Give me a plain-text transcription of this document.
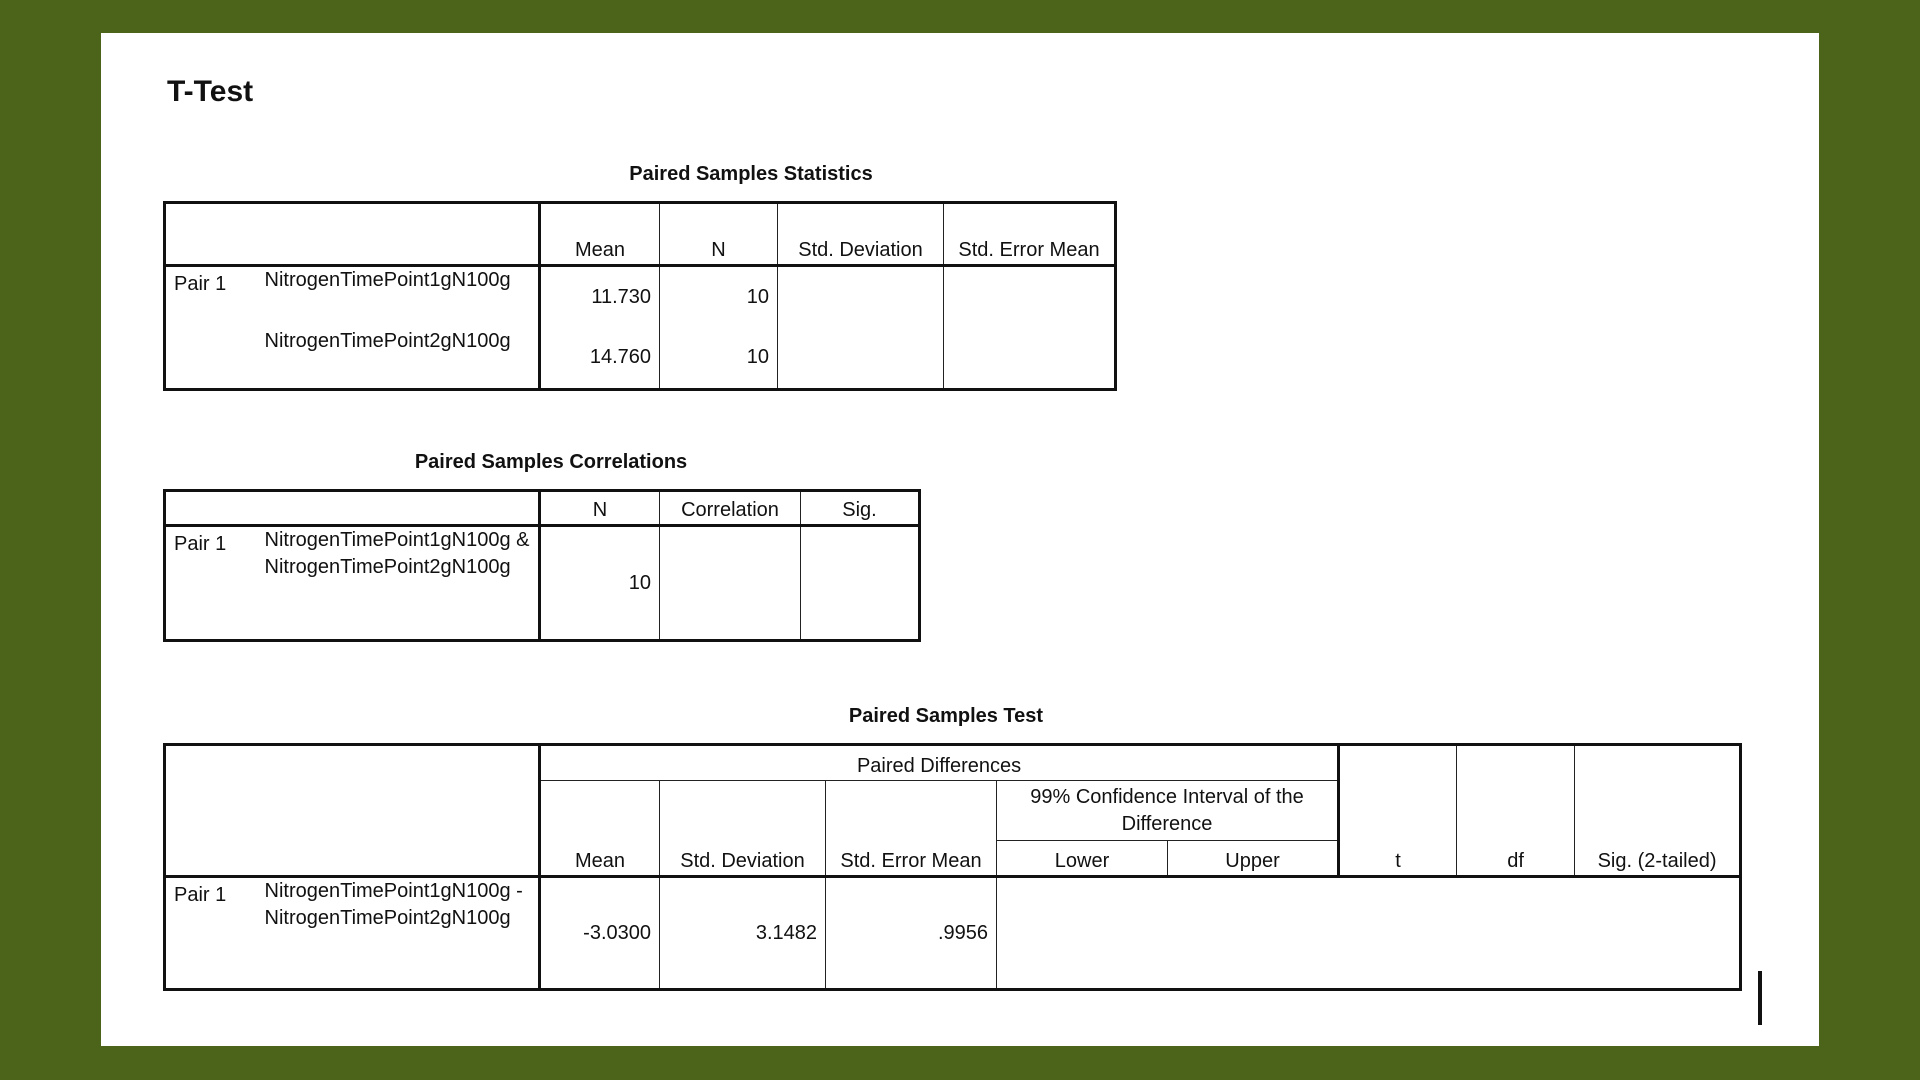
T-Test
Paired Samples Statistics
		Mean	N	Std. Deviation	Std. Error Mean
Pair 1	NitrogenTimePoint1gN100g	11.730	10		
	NitrogenTimePoint2gN100g	14.760	10		
Paired Samples Correlations
		N	Correlation	Sig.
Pair 1	NitrogenTimePoint1gN100g & NitrogenTimePoint2gN100g	10		
Paired Samples Test
		Paired Differences					t	df	Sig. (2-tailed)
		Mean	Std. Deviation	Std. Error Mean	99% Confidence Interval of the Difference				
					Lower	Upper			
Pair 1	NitrogenTimePoint1gN100g - NitrogenTimePoint2gN100g	-3.0300	3.1482	.9956					
